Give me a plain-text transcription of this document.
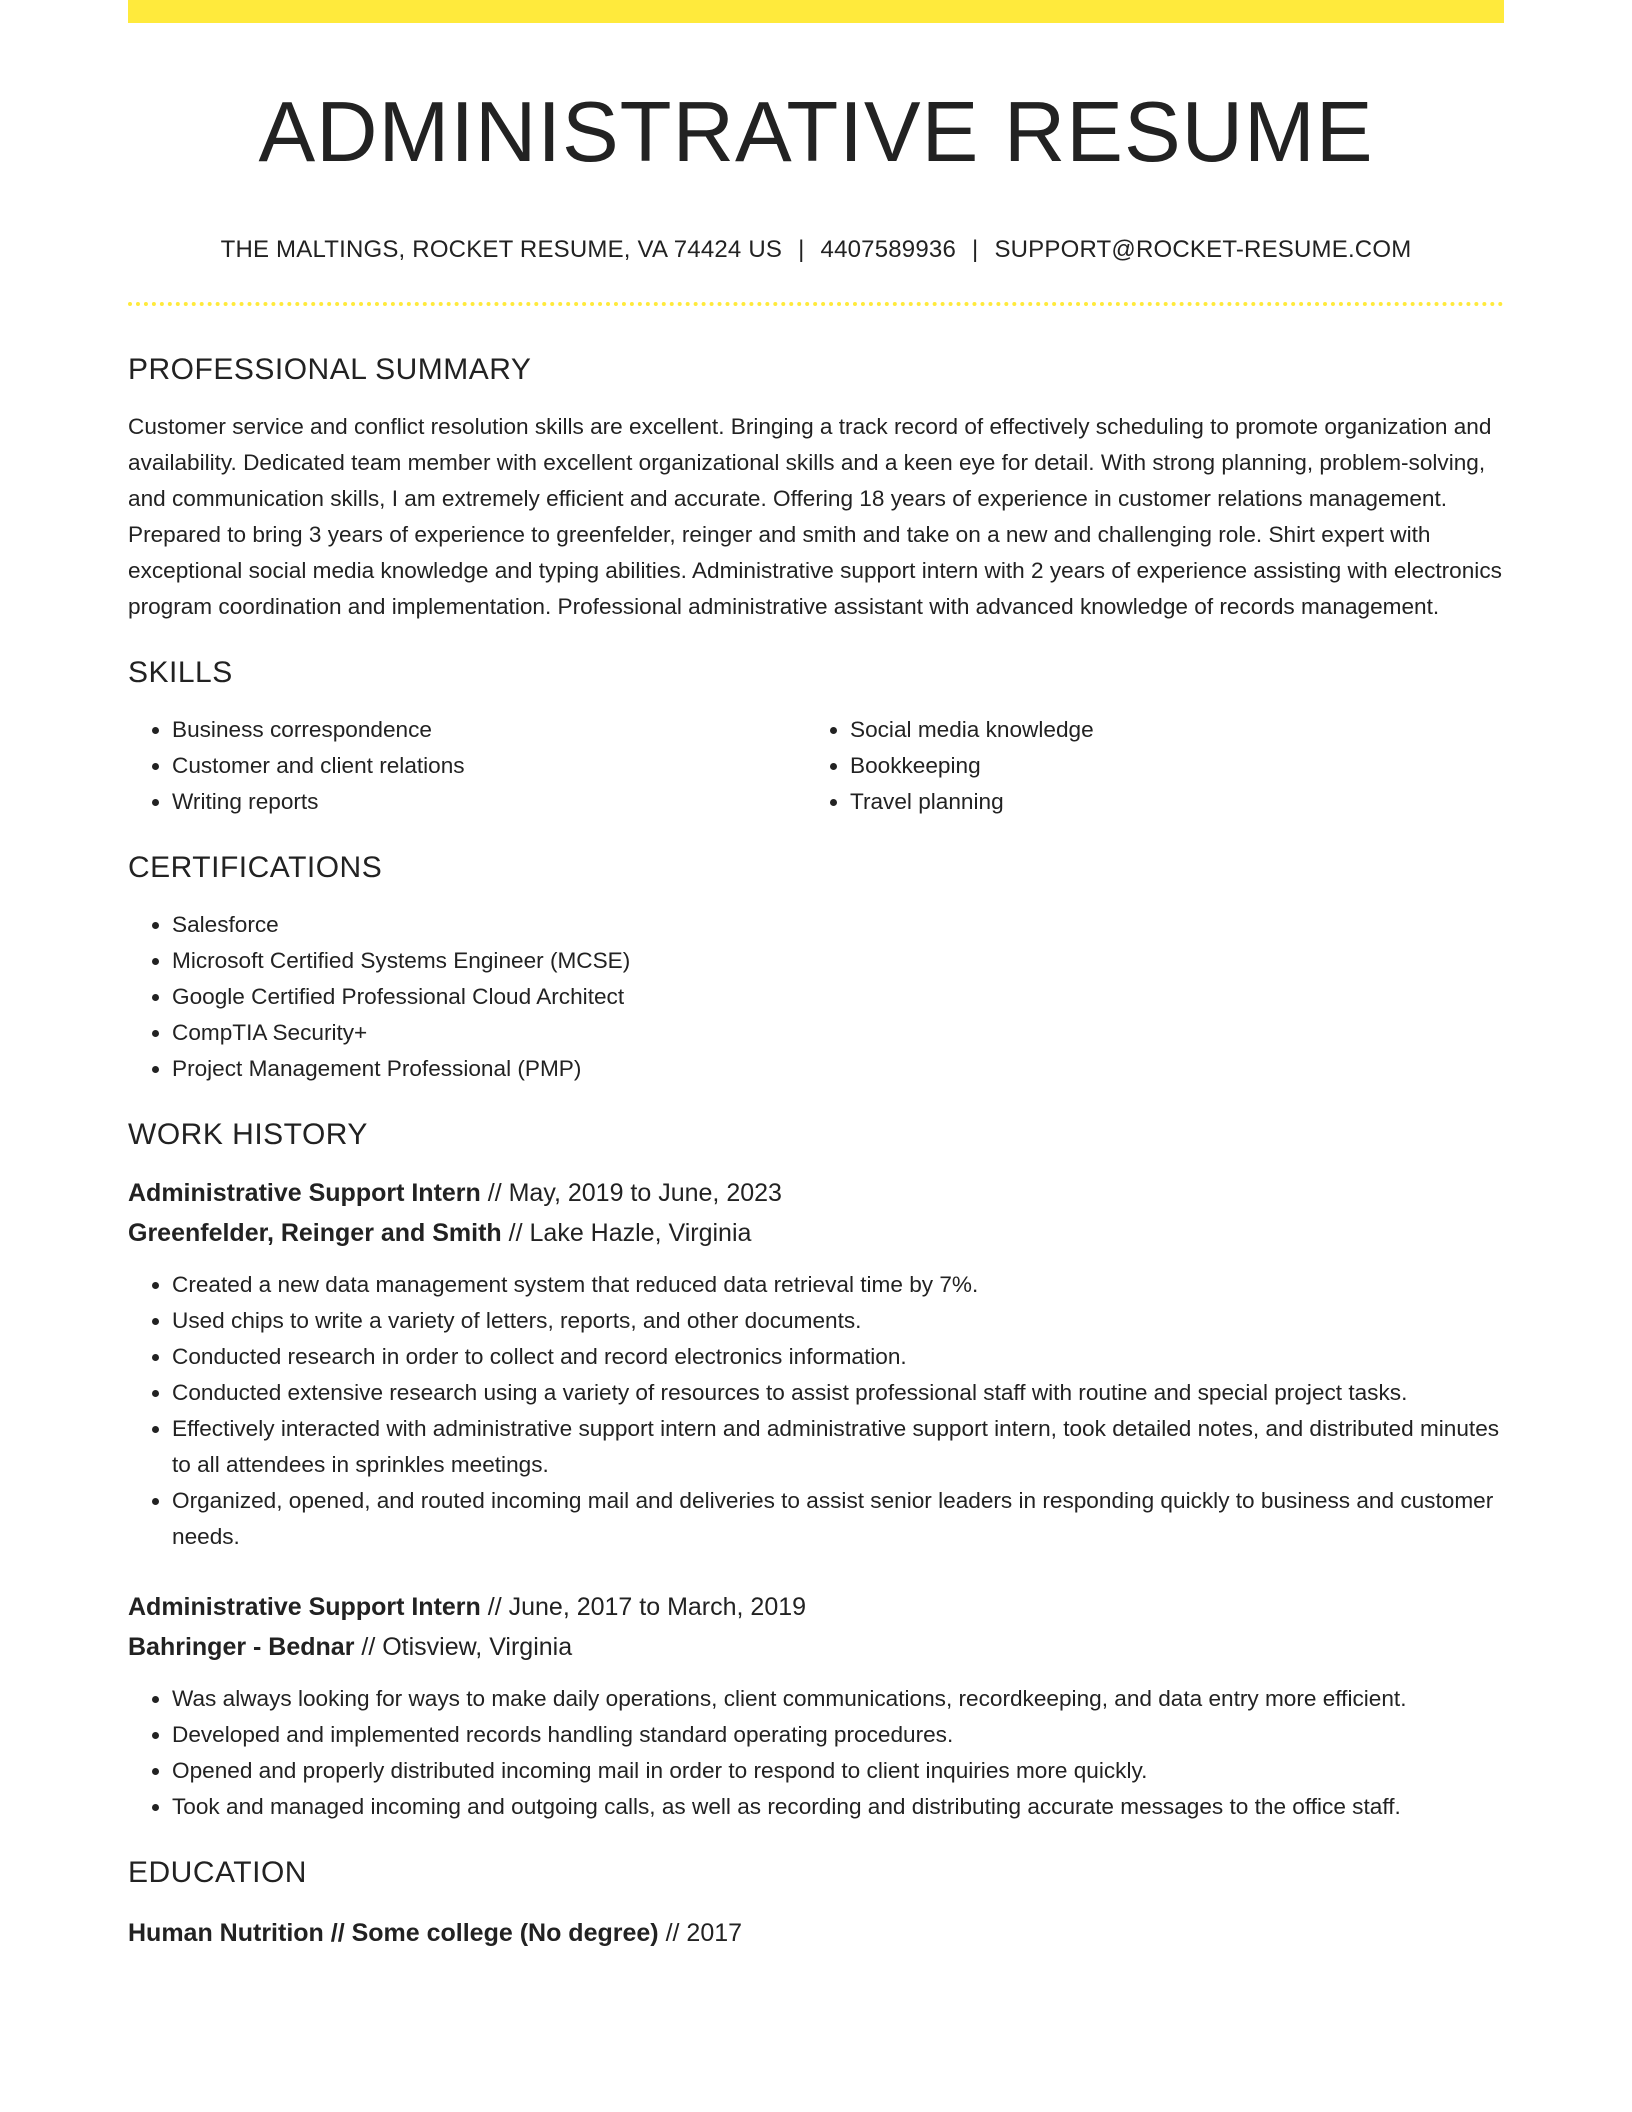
ADMINISTRATIVE RESUME
THE MALTINGS, ROCKET RESUME, VA 74424 US | 4407589936 | SUPPORT@ROCKET-RESUME.COM
PROFESSIONAL SUMMARY

Customer service and conflict resolution skills are excellent. Bringing a track record of effectively scheduling to promote organization and availability. Dedicated team member with excellent organizational skills and a keen eye for detail. With strong planning, problem-solving, and communication skills, I am extremely efficient and accurate. Offering 18 years of experience in customer relations management. Prepared to bring 3 years of experience to greenfelder, reinger and smith and take on a new and challenging role. Shirt expert with exceptional social media knowledge and typing abilities. Administrative support intern with 2 years of experience assisting with electronics program coordination and implementation. Professional administrative assistant with advanced knowledge of records management.

SKILLS
• Business correspondence
• Customer and client relations
• Writing reports
• Social media knowledge
• Bookkeeping
• Travel planning
CERTIFICATIONS
• Salesforce
• Microsoft Certified Systems Engineer (MCSE)
• Google Certified Professional Cloud Architect
• CompTIA Security+
• Project Management Professional (PMP)
WORK HISTORY

Administrative Support Intern // May, 2019 to June, 2023

Greenfelder, Reinger and Smith // Lake Hazle, Virginia

• Created a new data management system that reduced data retrieval time by 7%.
• Used chips to write a variety of letters, reports, and other documents.
• Conducted research in order to collect and record electronics information.
• Conducted extensive research using a variety of resources to assist professional staff with routine and special project tasks.
• Effectively interacted with administrative support intern and administrative support intern, took detailed notes, and distributed minutes to all attendees in sprinkles meetings.
• Organized, opened, and routed incoming mail and deliveries to assist senior leaders in responding quickly to business and customer needs.

Administrative Support Intern // June, 2017 to March, 2019

Bahringer - Bednar // Otisview, Virginia

• Was always looking for ways to make daily operations, client communications, recordkeeping, and data entry more efficient.
• Developed and implemented records handling standard operating procedures.
• Opened and properly distributed incoming mail in order to respond to client inquiries more quickly.
• Took and managed incoming and outgoing calls, as well as recording and distributing accurate messages to the office staff.
EDUCATION

Human Nutrition // Some college (No degree) // 2017
